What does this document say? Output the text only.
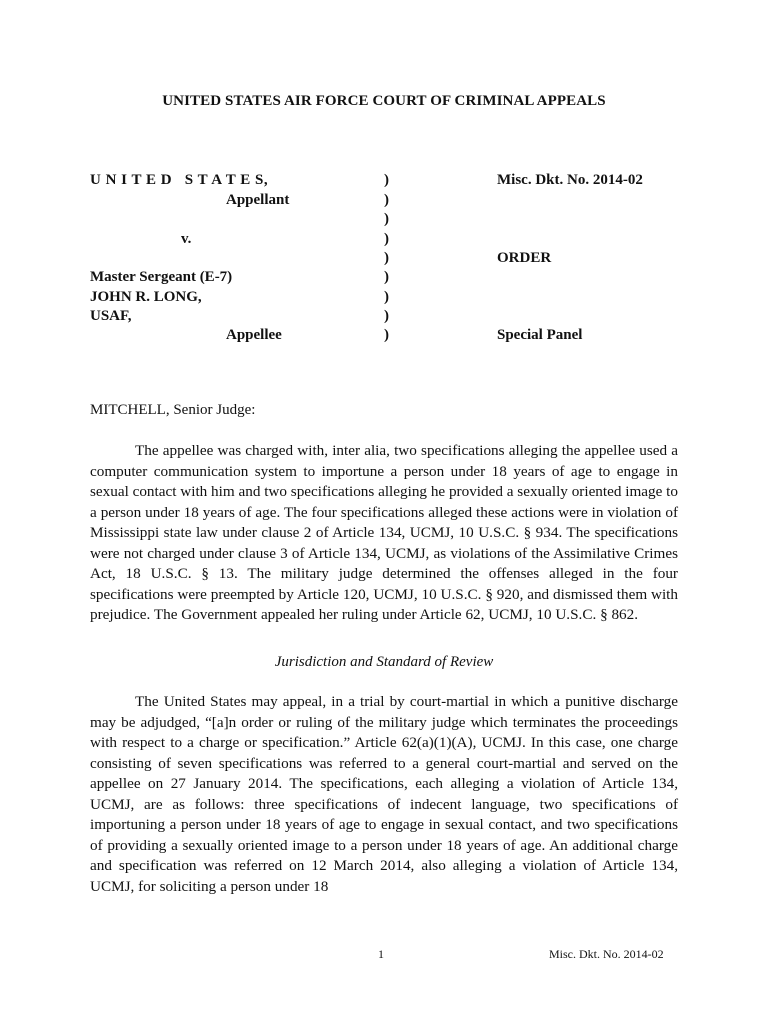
UNITED STATES AIR FORCE COURT OF CRIMINAL APPEALS
U N I T E D   S T A T E S,
Appellant
v.
Master Sergeant (E-7)
JOHN R. LONG,
USAF,
Appellee
)
)
)
)
)
)
)
)
)
Misc. Dkt. No. 2014-02
ORDER
Special Panel
MITCHELL, Senior Judge:

The appellee was charged with, inter alia, two specifications alleging the appellee used a computer communication system to importune a person under 18 years of age to engage in sexual contact with him and two specifications alleging he provided a sexually oriented image to a person under 18 years of age. The four specifications alleged these actions were in violation of Mississippi state law under clause 2 of Article 134, UCMJ, 10 U.S.C. § 934. The specifications were not charged under clause 3 of Article 134, UCMJ, as violations of the Assimilative Crimes Act, 18 U.S.C. § 13. The military judge determined the offenses alleged in the four specifications were preempted by Article 120, UCMJ, 10 U.S.C. § 920, and dismissed them with prejudice. The Government appealed her ruling under Article 62, UCMJ, 10 U.S.C. § 862.

Jurisdiction and Standard of Review

The United States may appeal, in a trial by court-martial in which a punitive discharge may be adjudged, “[a]n order or ruling of the military judge which terminates the proceedings with respect to a charge or specification.” Article 62(a)(1)(A), UCMJ. In this case, one charge consisting of seven specifications was referred to a general court-martial and served on the appellee on 27 January 2014. The specifications, each alleging a violation of Article 134, UCMJ, are as follows: three specifications of indecent language, two specifications of importuning a person under 18 years of age to engage in sexual contact, and two specifications of providing a sexually oriented image to a person under 18 years of age. An additional charge and specification was referred on 12 March 2014, also alleging a violation of Article 134, UCMJ, for soliciting a person under 18

1	Misc. Dkt. No. 2014-02
